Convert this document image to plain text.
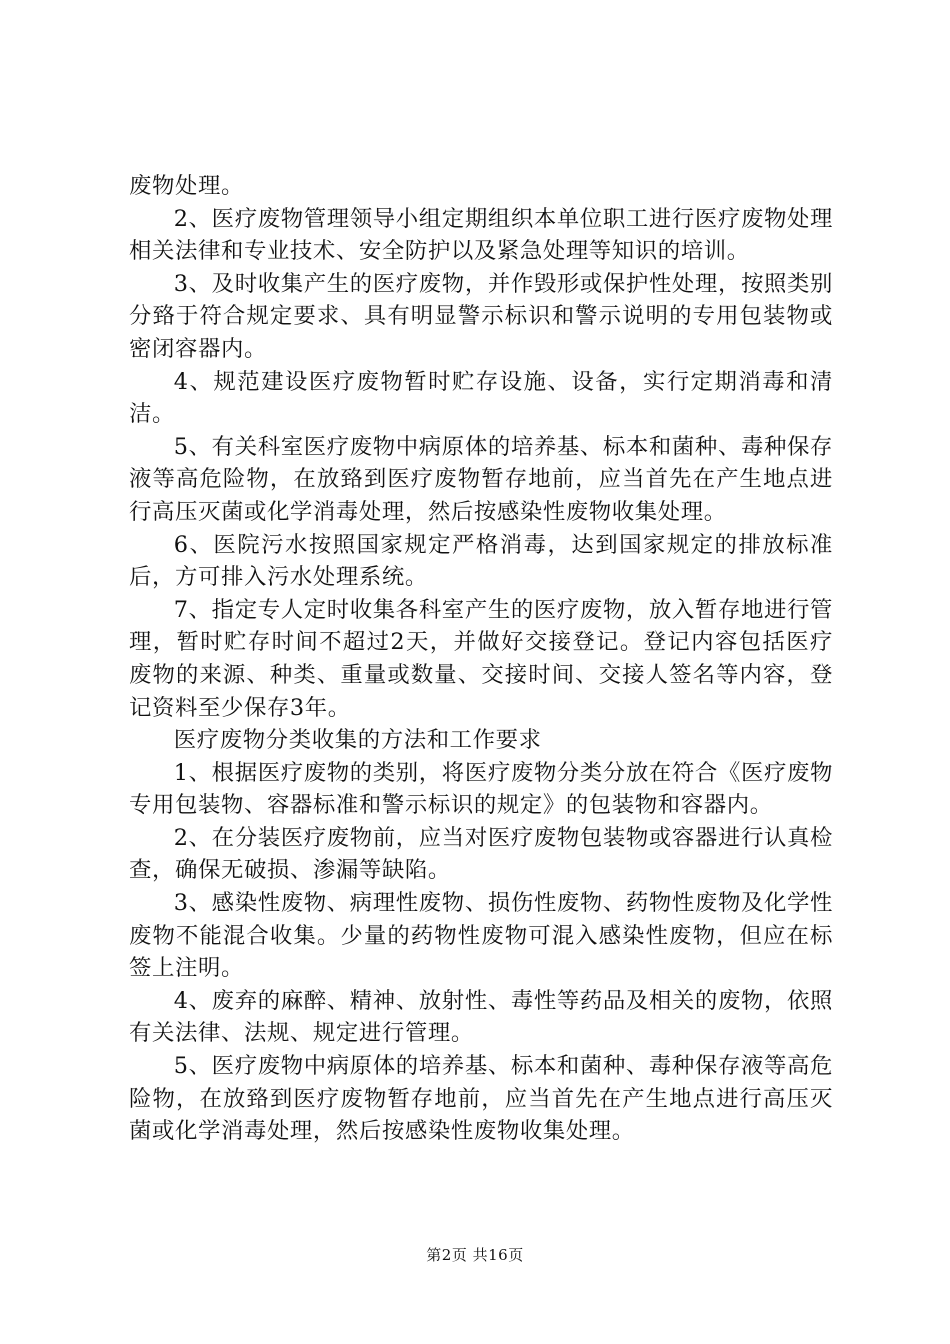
废物处理。

2、医疗废物管理领导小组定期组织本单位职工进行医疗废物处理相关法律和专业技术、安全防护以及紧急处理等知识的培训。

3、及时收集产生的医疗废物，并作毁形或保护性处理，按照类别分臵于符合规定要求、具有明显警示标识和警示说明的专用包装物或密闭容器内。

4、规范建设医疗废物暂时贮存设施、设备，实行定期消毒和清洁。

5、有关科室医疗废物中病原体的培养基、标本和菌种、毒种保存液等高危险物，在放臵到医疗废物暂存地前，应当首先在产生地点进行高压灭菌或化学消毒处理，然后按感染性废物收集处理。

6、医院污水按照国家规定严格消毒，达到国家规定的排放标准后，方可排入污水处理系统。

7、指定专人定时收集各科室产生的医疗废物，放入暂存地进行管理，暂时贮存时间不超过2天，并做好交接登记。登记内容包括医疗废物的来源、种类、重量或数量、交接时间、交接人签名等内容，登记资料至少保存3年。

医疗废物分类收集的方法和工作要求

1、根据医疗废物的类别，将医疗废物分类分放在符合《医疗废物专用包装物、容器标准和警示标识的规定》的包装物和容器内。

2、在分装医疗废物前，应当对医疗废物包装物或容器进行认真检查，确保无破损、渗漏等缺陷。

3、感染性废物、病理性废物、损伤性废物、药物性废物及化学性废物不能混合收集。少量的药物性废物可混入感染性废物，但应在标签上注明。

4、废弃的麻醉、精神、放射性、毒性等药品及相关的废物，依照有关法律、法规、规定进行管理。

5、医疗废物中病原体的培养基、标本和菌种、毒种保存液等高危险物，在放臵到医疗废物暂存地前，应当首先在产生地点进行高压灭菌或化学消毒处理，然后按感染性废物收集处理。

第2页 共16页
